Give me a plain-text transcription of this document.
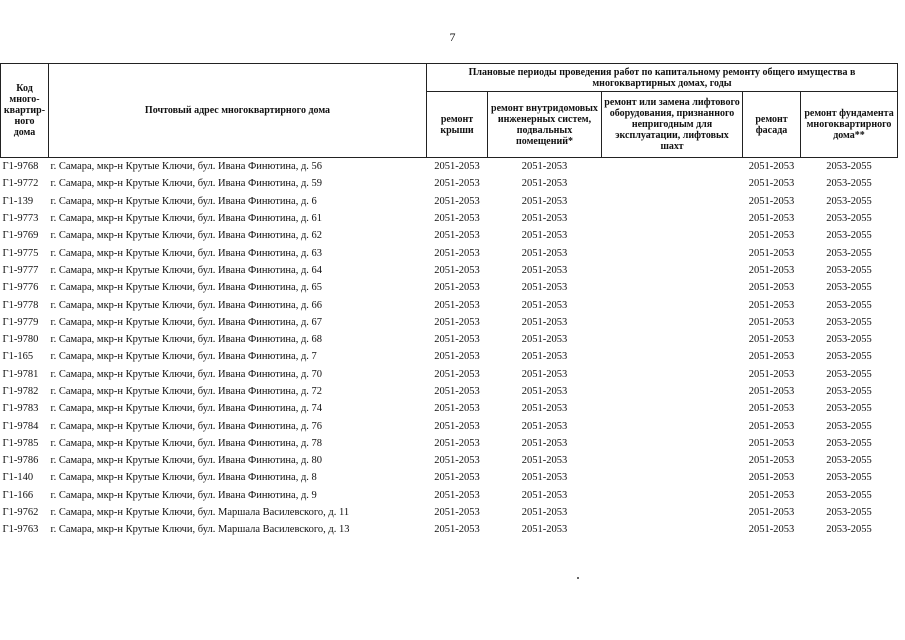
7
Код много-квартир-ного дома	Почтовый адрес многоквартирного дома	Плановые периоды проведения работ по капитальному ремонту общего имущества в многоквартирных домах, годы				
		ремонт крыши	ремонт внутридомовых инженерных систем, подвальных помещений*	ремонт или замена лифтового оборудования, признанного непригодным для эксплуатации, лифтовых шахт	ремонт фасада	ремонт фундамента многоквартирного дома**
Г1-9768	г. Самара, мкр-н Крутые Ключи, бул. Ивана Финютина, д. 56	2051-2053	2051-2053		2051-2053	2053-2055
Г1-9772	г. Самара, мкр-н Крутые Ключи, бул. Ивана Финютина, д. 59	2051-2053	2051-2053		2051-2053	2053-2055
Г1-139	г. Самара, мкр-н Крутые Ключи, бул. Ивана Финютина, д. 6	2051-2053	2051-2053		2051-2053	2053-2055
Г1-9773	г. Самара, мкр-н Крутые Ключи, бул. Ивана Финютина, д. 61	2051-2053	2051-2053		2051-2053	2053-2055
Г1-9769	г. Самара, мкр-н Крутые Ключи, бул. Ивана Финютина, д. 62	2051-2053	2051-2053		2051-2053	2053-2055
Г1-9775	г. Самара, мкр-н Крутые Ключи, бул. Ивана Финютина, д. 63	2051-2053	2051-2053		2051-2053	2053-2055
Г1-9777	г. Самара, мкр-н Крутые Ключи, бул. Ивана Финютина, д. 64	2051-2053	2051-2053		2051-2053	2053-2055
Г1-9776	г. Самара, мкр-н Крутые Ключи, бул. Ивана Финютина, д. 65	2051-2053	2051-2053		2051-2053	2053-2055
Г1-9778	г. Самара, мкр-н Крутые Ключи, бул. Ивана Финютина, д. 66	2051-2053	2051-2053		2051-2053	2053-2055
Г1-9779	г. Самара, мкр-н Крутые Ключи, бул. Ивана Финютина, д. 67	2051-2053	2051-2053		2051-2053	2053-2055
Г1-9780	г. Самара, мкр-н Крутые Ключи, бул. Ивана Финютина, д. 68	2051-2053	2051-2053		2051-2053	2053-2055
Г1-165	г. Самара, мкр-н Крутые Ключи, бул. Ивана Финютина, д. 7	2051-2053	2051-2053		2051-2053	2053-2055
Г1-9781	г. Самара, мкр-н Крутые Ключи, бул. Ивана Финютина, д. 70	2051-2053	2051-2053		2051-2053	2053-2055
Г1-9782	г. Самара, мкр-н Крутые Ключи, бул. Ивана Финютина, д. 72	2051-2053	2051-2053		2051-2053	2053-2055
Г1-9783	г. Самара, мкр-н Крутые Ключи, бул. Ивана Финютина, д. 74	2051-2053	2051-2053		2051-2053	2053-2055
Г1-9784	г. Самара, мкр-н Крутые Ключи, бул. Ивана Финютина, д. 76	2051-2053	2051-2053		2051-2053	2053-2055
Г1-9785	г. Самара, мкр-н Крутые Ключи, бул. Ивана Финютина, д. 78	2051-2053	2051-2053		2051-2053	2053-2055
Г1-9786	г. Самара, мкр-н Крутые Ключи, бул. Ивана Финютина, д. 80	2051-2053	2051-2053		2051-2053	2053-2055
Г1-140	г. Самара, мкр-н Крутые Ключи, бул. Ивана Финютина, д. 8	2051-2053	2051-2053		2051-2053	2053-2055
Г1-166	г. Самара, мкр-н Крутые Ключи, бул. Ивана Финютина, д. 9	2051-2053	2051-2053		2051-2053	2053-2055
Г1-9762	г. Самара, мкр-н Крутые Ключи, бул. Маршала Василевского, д. 11	2051-2053	2051-2053		2051-2053	2053-2055
Г1-9763	г. Самара, мкр-н Крутые Ключи, бул. Маршала Василевского, д. 13	2051-2053	2051-2053		2051-2053	2053-2055
